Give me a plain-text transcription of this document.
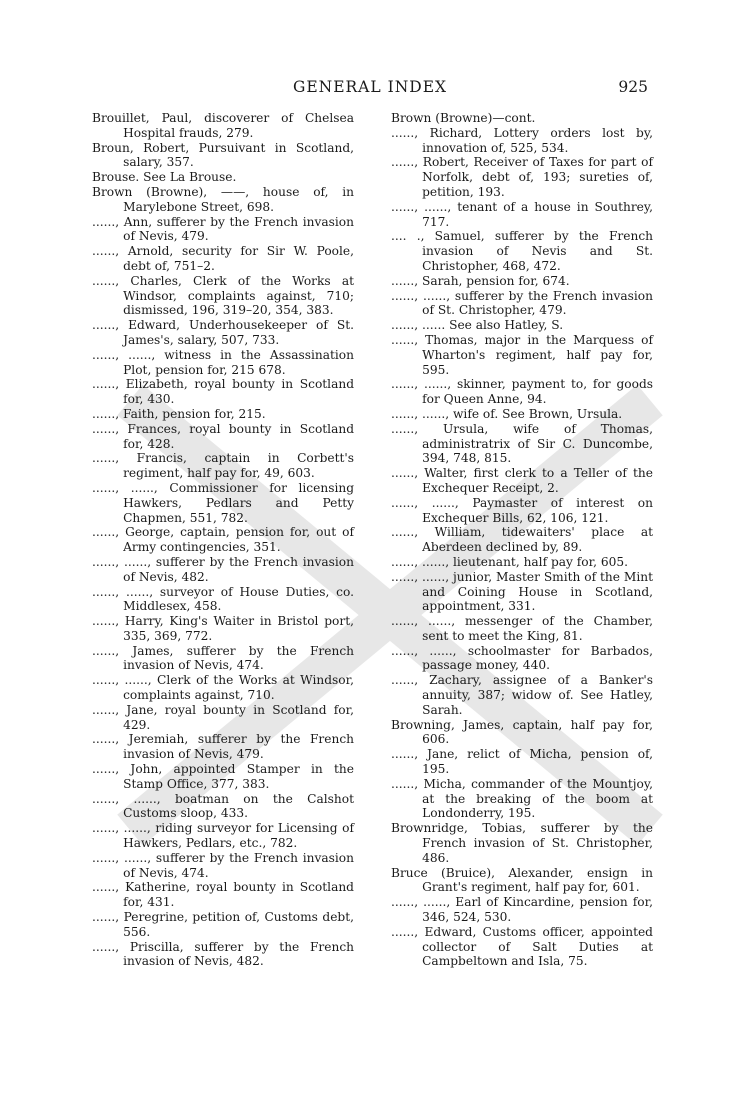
GENERAL INDEX	925

Brouillet, Paul, discoverer of Chelsea Hospital frauds, 279.

Broun, Robert, Pursuivant in Scotland, salary, 357.

Brouse. See La Brouse.

Brown (Browne), ——, house of, in Marylebone Street, 698.

......, Ann, sufferer by the French invasion of Nevis, 479.

......, Arnold, security for Sir W. Poole, debt of, 751–2.

......, Charles, Clerk of the Works at Windsor, complaints against, 710; dismissed, 196, 319–20, 354, 383.

......, Edward, Underhousekeeper of St. James's, salary, 507, 733.

......, ......, witness in the Assassination Plot, pension for, 215 678.

......, Elizabeth, royal bounty in Scotland for, 430.

......, Faith, pension for, 215.

......, Frances, royal bounty in Scotland for, 428.

......, Francis, captain in Corbett's regiment, half pay for, 49, 603.

......, ......, Commissioner for licensing Hawkers, Pedlars and Petty Chapmen, 551, 782.

......, George, captain, pension for, out of Army contingencies, 351.

......, ......, sufferer by the French invasion of Nevis, 482.

......, ......, surveyor of House Duties, co. Middlesex, 458.

......, Harry, King's Waiter in Bristol port, 335, 369, 772.

......, James, sufferer by the French invasion of Nevis, 474.

......, ......, Clerk of the Works at Windsor, complaints against, 710.

......, Jane, royal bounty in Scotland for, 429.

......, Jeremiah, sufferer by the French invasion of Nevis, 479.

......, John, appointed Stamper in the Stamp Office, 377, 383.

......, ......, boatman on the Calshot Customs sloop, 433.

......, ......, riding surveyor for Licensing of Hawkers, Pedlars, etc., 782.

......, ......, sufferer by the French invasion of Nevis, 474.

......, Katherine, royal bounty in Scotland for, 431.

......, Peregrine, petition of, Customs debt, 556.

......, Priscilla, sufferer by the French invasion of Nevis, 482.

Brown (Browne)—cont.

......, Richard, Lottery orders lost by, innovation of, 525, 534.

......, Robert, Receiver of Taxes for part of Norfolk, debt of, 193; sureties of, petition, 193.

......, ......, tenant of a house in Southrey, 717.

.... ., Samuel, sufferer by the French invasion of Nevis and St. Christopher, 468, 472.

......, Sarah, pension for, 674.

......, ......, sufferer by the French invasion of St. Christopher, 479.

......, ...... See also Hatley, S.

......, Thomas, major in the Marquess of Wharton's regiment, half pay for, 595.

......, ......, skinner, payment to, for goods for Queen Anne, 94.

......, ......, wife of. See Brown, Ursula.

......, Ursula, wife of Thomas, administratrix of Sir C. Duncombe, 394, 748, 815.

......, Walter, first clerk to a Teller of the Exchequer Receipt, 2.

......, ......, Paymaster of interest on Exchequer Bills, 62, 106, 121.

......, William, tidewaiters' place at Aberdeen declined by, 89.

......, ......, lieutenant, half pay for, 605.

......, ......, junior, Master Smith of the Mint and Coining House in Scotland, appointment, 331.

......, ......, messenger of the Chamber, sent to meet the King, 81.

......, ......, schoolmaster for Barbados, passage money, 440.

......, Zachary, assignee of a Banker's annuity, 387; widow of. See Hatley, Sarah.

Browning, James, captain, half pay for, 606.

......, Jane, relict of Micha, pension of, 195.

......, Micha, commander of the Mountjoy, at the breaking of the boom at Londonderry, 195.

Brownridge, Tobias, sufferer by the French invasion of St. Christopher, 486.

Bruce (Bruice), Alexander, ensign in Grant's regiment, half pay for, 601.

......, ......, Earl of Kincardine, pension for, 346, 524, 530.

......, Edward, Customs officer, appointed collector of Salt Duties at Campbeltown and Isla, 75.
